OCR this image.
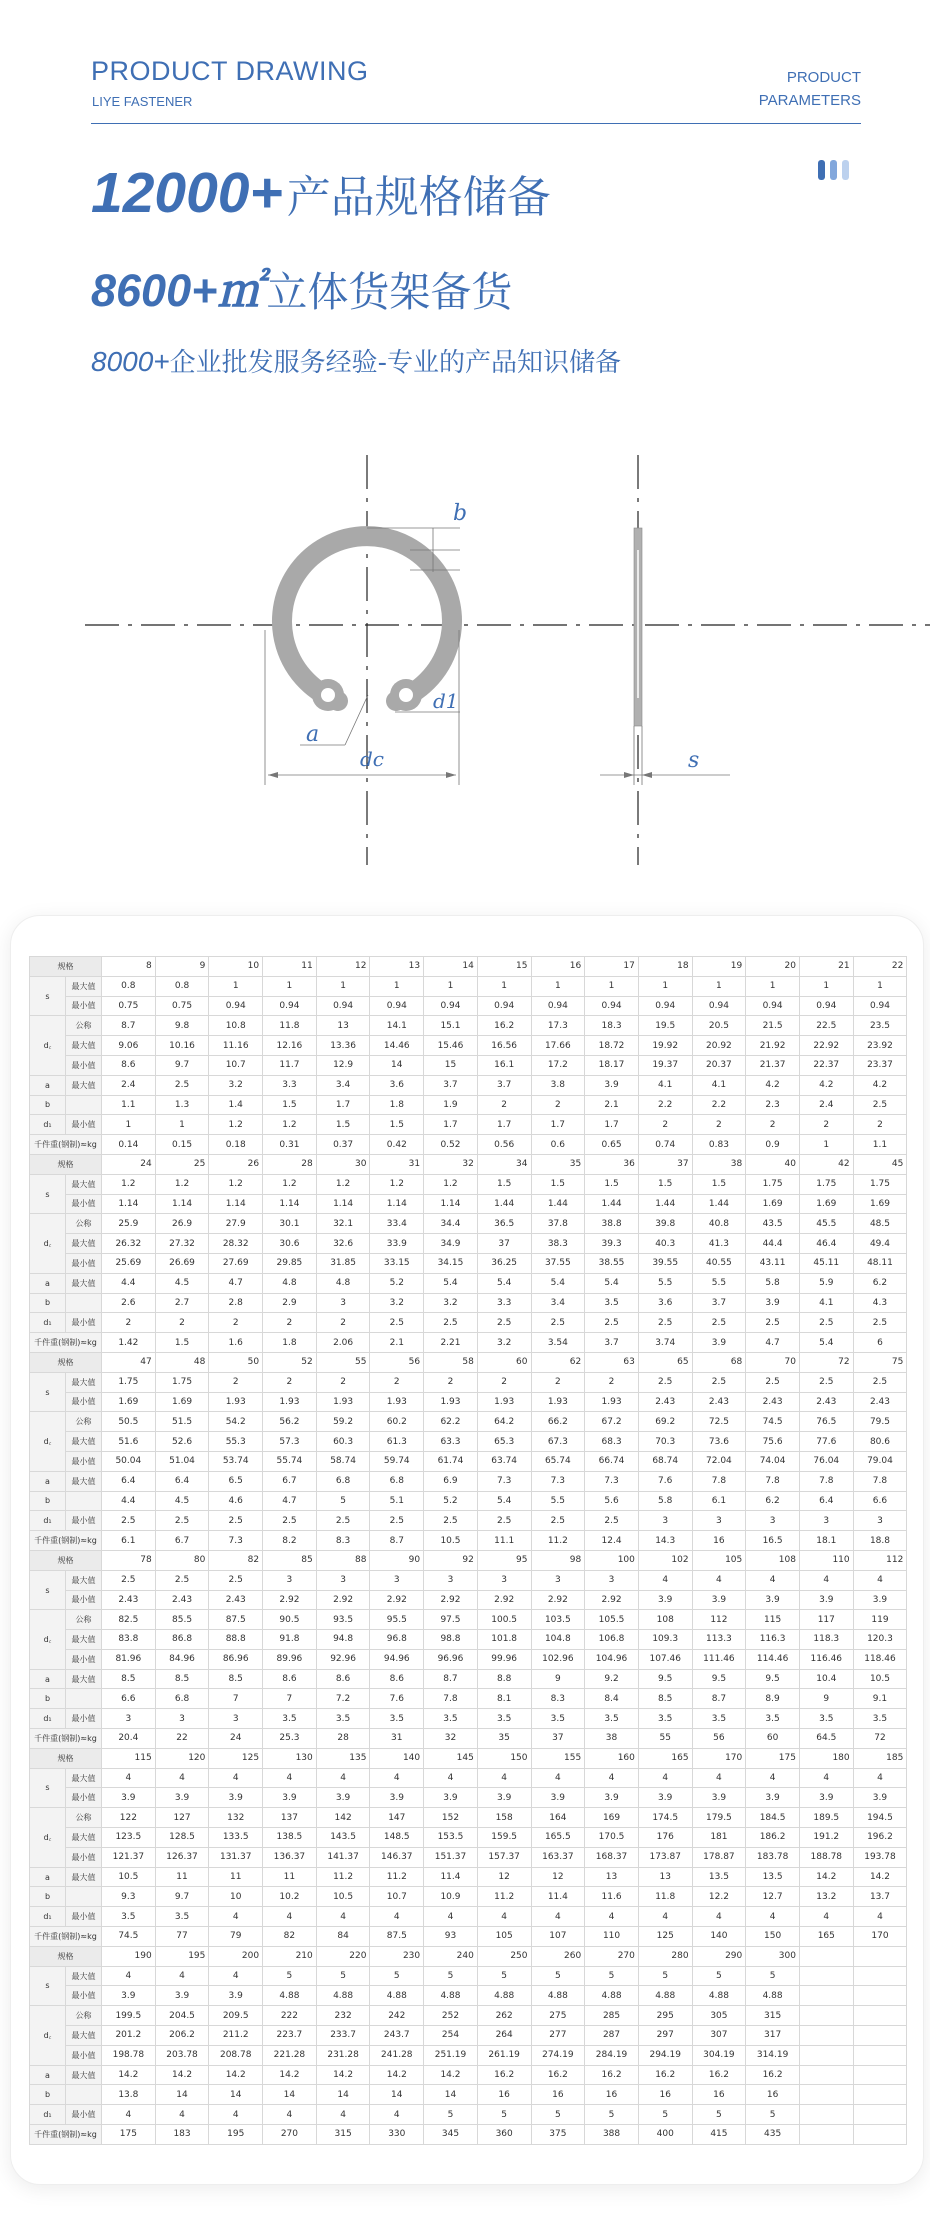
PRODUCT DRAWING
LIYE FASTENER
PRODUCT
PARAMETERS
12000+产品规格储备
8600+㎡立体货架备货
8000+企业批发服务经验-专业的产品知识储备
b
d1
a
dc	s
规格		8	9	10	11	12	13	14	15	16	17	18	19	20	21	22
s	最大值	0.8	0.8	1	1	1	1	1	1	1	1	1	1	1	1	1
	最小值	0.75	0.75	0.94	0.94	0.94	0.94	0.94	0.94	0.94	0.94	0.94	0.94	0.94	0.94	0.94
d꜀	公称	8.7	9.8	10.8	11.8	13	14.1	15.1	16.2	17.3	18.3	19.5	20.5	21.5	22.5	23.5
	最大值	9.06	10.16	11.16	12.16	13.36	14.46	15.46	16.56	17.66	18.72	19.92	20.92	21.92	22.92	23.92
	最小值	8.6	9.7	10.7	11.7	12.9	14	15	16.1	17.2	18.17	19.37	20.37	21.37	22.37	23.37
a	最大值	2.4	2.5	3.2	3.3	3.4	3.6	3.7	3.7	3.8	3.9	4.1	4.1	4.2	4.2	4.2
b		1.1	1.3	1.4	1.5	1.7	1.8	1.9	2	2	2.1	2.2	2.2	2.3	2.4	2.5
d₁	最小值	1	1	1.2	1.2	1.5	1.5	1.7	1.7	1.7	1.7	2	2	2	2	2
千件重(钢制)≈kg		0.14	0.15	0.18	0.31	0.37	0.42	0.52	0.56	0.6	0.65	0.74	0.83	0.9	1	1.1
规格		24	25	26	28	30	31	32	34	35	36	37	38	40	42	45
s	最大值	1.2	1.2	1.2	1.2	1.2	1.2	1.2	1.5	1.5	1.5	1.5	1.5	1.75	1.75	1.75
	最小值	1.14	1.14	1.14	1.14	1.14	1.14	1.14	1.44	1.44	1.44	1.44	1.44	1.69	1.69	1.69
d꜀	公称	25.9	26.9	27.9	30.1	32.1	33.4	34.4	36.5	37.8	38.8	39.8	40.8	43.5	45.5	48.5
	最大值	26.32	27.32	28.32	30.6	32.6	33.9	34.9	37	38.3	39.3	40.3	41.3	44.4	46.4	49.4
	最小值	25.69	26.69	27.69	29.85	31.85	33.15	34.15	36.25	37.55	38.55	39.55	40.55	43.11	45.11	48.11
a	最大值	4.4	4.5	4.7	4.8	4.8	5.2	5.4	5.4	5.4	5.4	5.5	5.5	5.8	5.9	6.2
b		2.6	2.7	2.8	2.9	3	3.2	3.2	3.3	3.4	3.5	3.6	3.7	3.9	4.1	4.3
d₁	最小值	2	2	2	2	2	2.5	2.5	2.5	2.5	2.5	2.5	2.5	2.5	2.5	2.5
千件重(钢制)≈kg		1.42	1.5	1.6	1.8	2.06	2.1	2.21	3.2	3.54	3.7	3.74	3.9	4.7	5.4	6
规格		47	48	50	52	55	56	58	60	62	63	65	68	70	72	75
s	最大值	1.75	1.75	2	2	2	2	2	2	2	2	2.5	2.5	2.5	2.5	2.5
	最小值	1.69	1.69	1.93	1.93	1.93	1.93	1.93	1.93	1.93	1.93	2.43	2.43	2.43	2.43	2.43
d꜀	公称	50.5	51.5	54.2	56.2	59.2	60.2	62.2	64.2	66.2	67.2	69.2	72.5	74.5	76.5	79.5
	最大值	51.6	52.6	55.3	57.3	60.3	61.3	63.3	65.3	67.3	68.3	70.3	73.6	75.6	77.6	80.6
	最小值	50.04	51.04	53.74	55.74	58.74	59.74	61.74	63.74	65.74	66.74	68.74	72.04	74.04	76.04	79.04
a	最大值	6.4	6.4	6.5	6.7	6.8	6.8	6.9	7.3	7.3	7.3	7.6	7.8	7.8	7.8	7.8
b		4.4	4.5	4.6	4.7	5	5.1	5.2	5.4	5.5	5.6	5.8	6.1	6.2	6.4	6.6
d₁	最小值	2.5	2.5	2.5	2.5	2.5	2.5	2.5	2.5	2.5	2.5	3	3	3	3	3
千件重(钢制)≈kg		6.1	6.7	7.3	8.2	8.3	8.7	10.5	11.1	11.2	12.4	14.3	16	16.5	18.1	18.8
规格		78	80	82	85	88	90	92	95	98	100	102	105	108	110	112
s	最大值	2.5	2.5	2.5	3	3	3	3	3	3	3	4	4	4	4	4
	最小值	2.43	2.43	2.43	2.92	2.92	2.92	2.92	2.92	2.92	2.92	3.9	3.9	3.9	3.9	3.9
d꜀	公称	82.5	85.5	87.5	90.5	93.5	95.5	97.5	100.5	103.5	105.5	108	112	115	117	119
	最大值	83.8	86.8	88.8	91.8	94.8	96.8	98.8	101.8	104.8	106.8	109.3	113.3	116.3	118.3	120.3
	最小值	81.96	84.96	86.96	89.96	92.96	94.96	96.96	99.96	102.96	104.96	107.46	111.46	114.46	116.46	118.46
a	最大值	8.5	8.5	8.5	8.6	8.6	8.6	8.7	8.8	9	9.2	9.5	9.5	9.5	10.4	10.5
b		6.6	6.8	7	7	7.2	7.6	7.8	8.1	8.3	8.4	8.5	8.7	8.9	9	9.1
d₁	最小值	3	3	3	3.5	3.5	3.5	3.5	3.5	3.5	3.5	3.5	3.5	3.5	3.5	3.5
千件重(钢制)≈kg		20.4	22	24	25.3	28	31	32	35	37	38	55	56	60	64.5	72
规格		115	120	125	130	135	140	145	150	155	160	165	170	175	180	185
s	最大值	4	4	4	4	4	4	4	4	4	4	4	4	4	4	4
	最小值	3.9	3.9	3.9	3.9	3.9	3.9	3.9	3.9	3.9	3.9	3.9	3.9	3.9	3.9	3.9
d꜀	公称	122	127	132	137	142	147	152	158	164	169	174.5	179.5	184.5	189.5	194.5
	最大值	123.5	128.5	133.5	138.5	143.5	148.5	153.5	159.5	165.5	170.5	176	181	186.2	191.2	196.2
	最小值	121.37	126.37	131.37	136.37	141.37	146.37	151.37	157.37	163.37	168.37	173.87	178.87	183.78	188.78	193.78
a	最大值	10.5	11	11	11	11.2	11.2	11.4	12	12	13	13	13.5	13.5	14.2	14.2
b		9.3	9.7	10	10.2	10.5	10.7	10.9	11.2	11.4	11.6	11.8	12.2	12.7	13.2	13.7
d₁	最小值	3.5	3.5	4	4	4	4	4	4	4	4	4	4	4	4	4
千件重(钢制)≈kg		74.5	77	79	82	84	87.5	93	105	107	110	125	140	150	165	170
规格		190	195	200	210	220	230	240	250	260	270	280	290	300		
s	最大值	4	4	4	5	5	5	5	5	5	5	5	5	5		
	最小值	3.9	3.9	3.9	4.88	4.88	4.88	4.88	4.88	4.88	4.88	4.88	4.88	4.88		
d꜀	公称	199.5	204.5	209.5	222	232	242	252	262	275	285	295	305	315		
	最大值	201.2	206.2	211.2	223.7	233.7	243.7	254	264	277	287	297	307	317		
	最小值	198.78	203.78	208.78	221.28	231.28	241.28	251.19	261.19	274.19	284.19	294.19	304.19	314.19		
a	最大值	14.2	14.2	14.2	14.2	14.2	14.2	14.2	16.2	16.2	16.2	16.2	16.2	16.2		
b		13.8	14	14	14	14	14	14	16	16	16	16	16	16		
d₁	最小值	4	4	4	4	4	4	5	5	5	5	5	5	5		
千件重(钢制)≈kg		175	183	195	270	315	330	345	360	375	388	400	415	435		
